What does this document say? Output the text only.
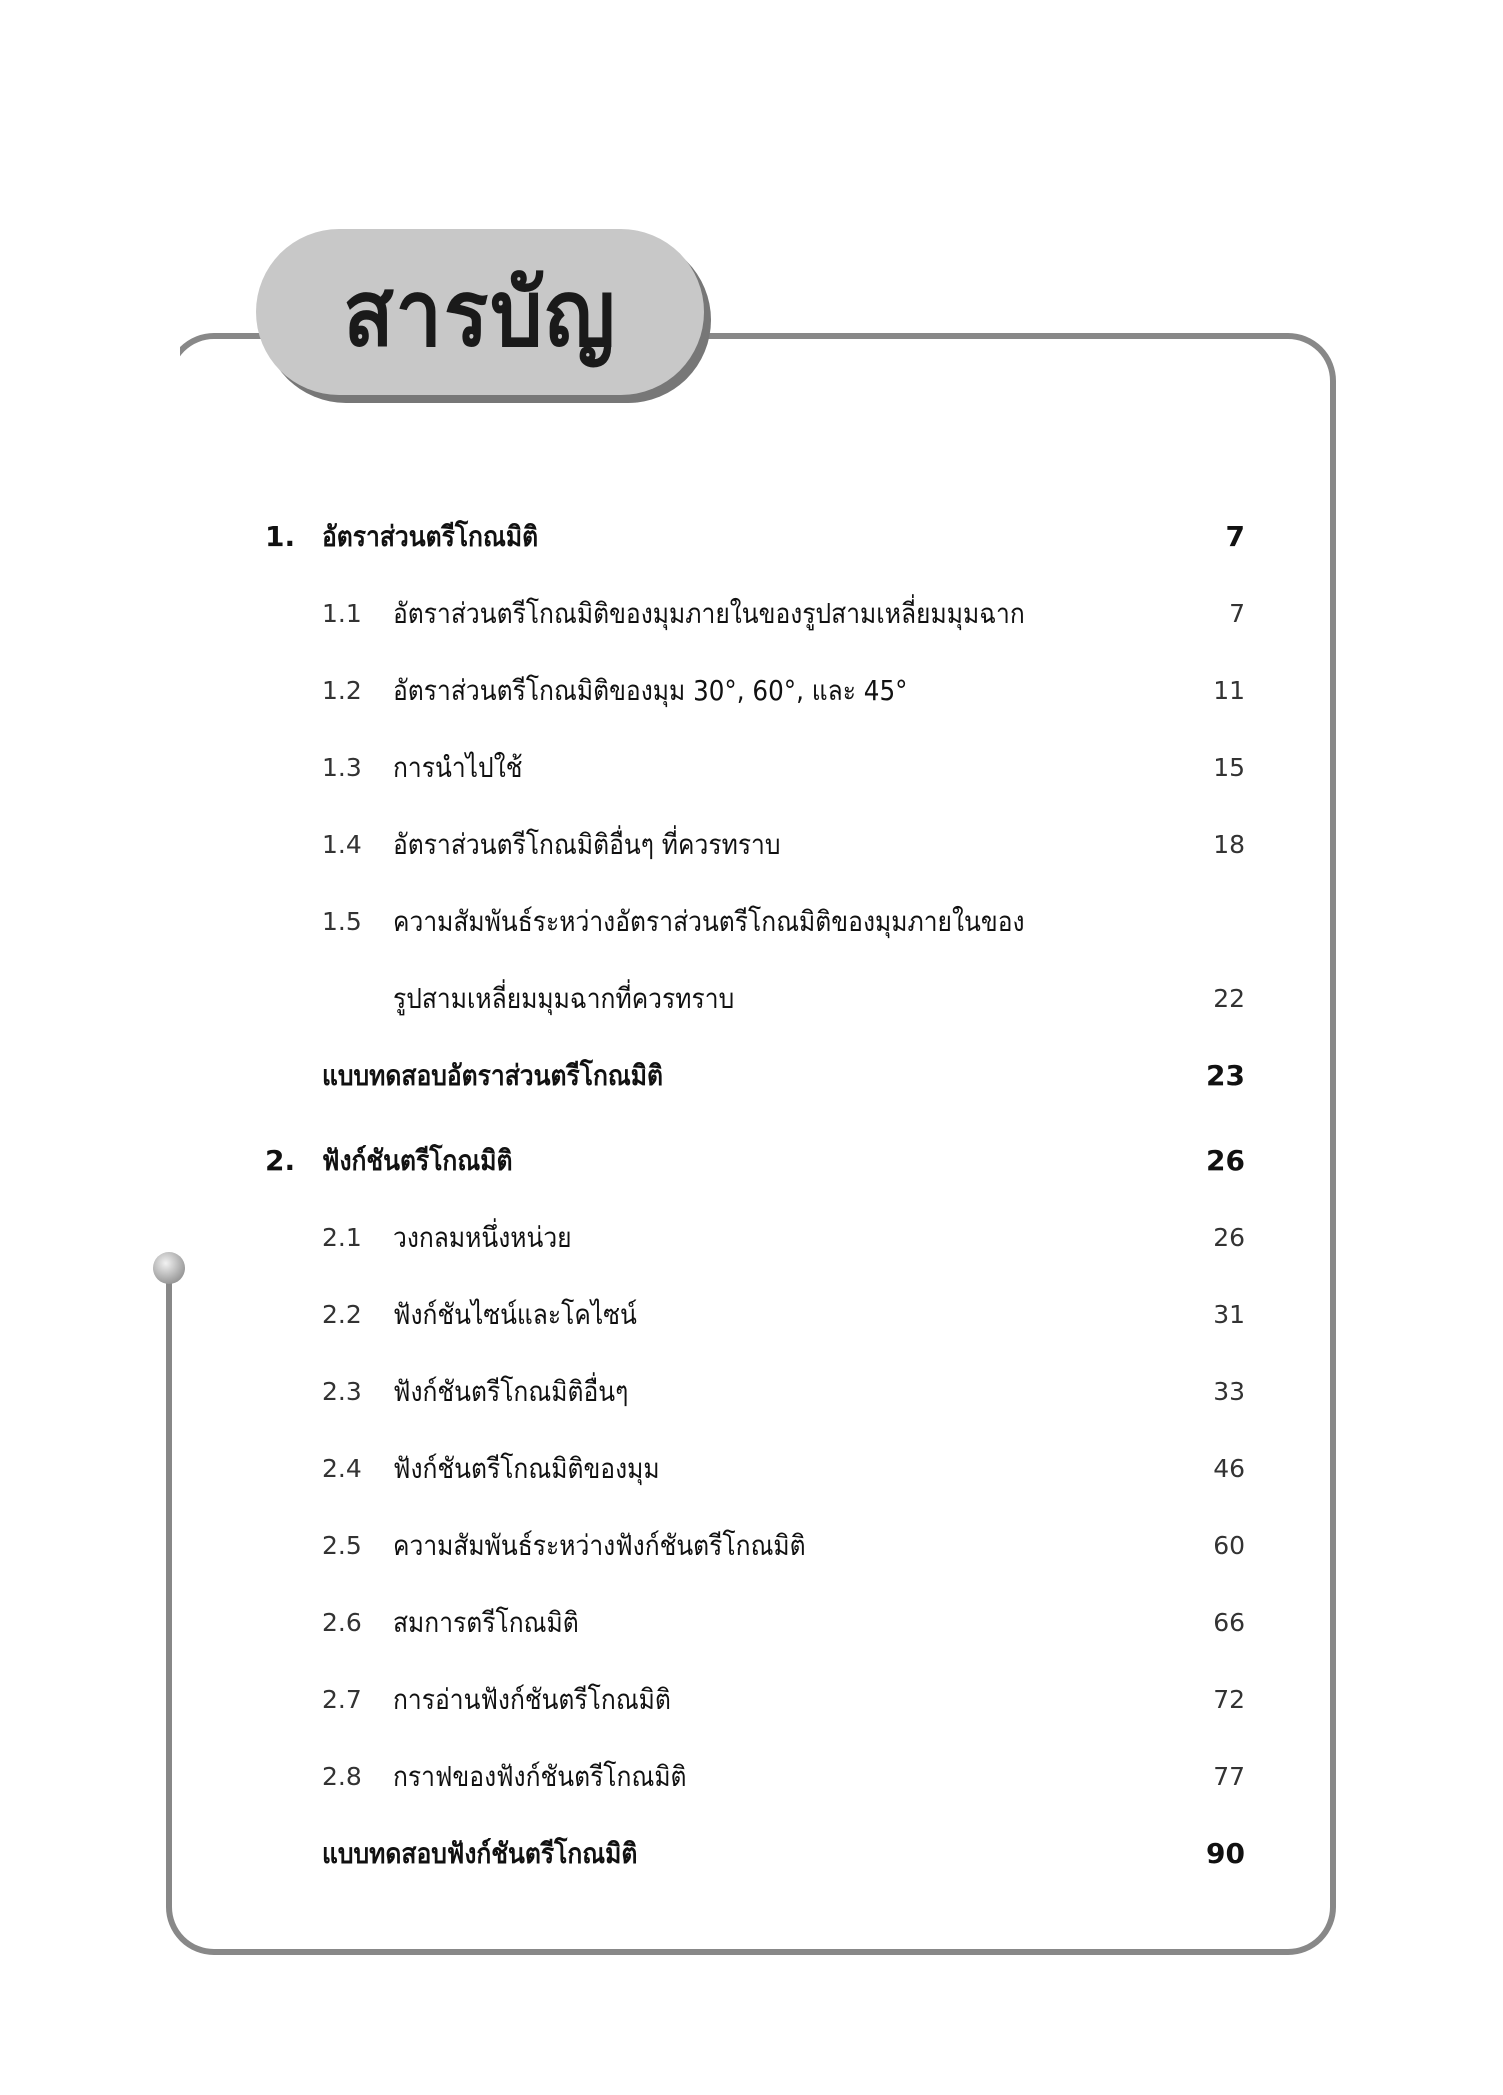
สารบัญ
1. อัตราส่วนตรีโกณมิติ	7
1.1 อัตราส่วนตรีโกณมิติของมุมภายในของรูปสามเหลี่ยมมุมฉาก	7
1.2 อัตราส่วนตรีโกณมิติของมุม 30°, 60°, และ 45°	11
1.3 การนำไปใช้	15
1.4 อัตราส่วนตรีโกณมิติอื่นๆ ที่ควรทราบ	18
1.5 ความสัมพันธ์ระหว่างอัตราส่วนตรีโกณมิติของมุมภายในของ
รูปสามเหลี่ยมมุมฉากที่ควรทราบ	22
แบบทดสอบอัตราส่วนตรีโกณมิติ	23
2. ฟังก์ชันตรีโกณมิติ	26
2.1 วงกลมหนึ่งหน่วย	26
2.2 ฟังก์ชันไซน์และโคไซน์	31
2.3 ฟังก์ชันตรีโกณมิติอื่นๆ	33
2.4 ฟังก์ชันตรีโกณมิติของมุม	46
2.5 ความสัมพันธ์ระหว่างฟังก์ชันตรีโกณมิติ	60
2.6 สมการตรีโกณมิติ	66
2.7 การอ่านฟังก์ชันตรีโกณมิติ	72
2.8 กราฟของฟังก์ชันตรีโกณมิติ	77
แบบทดสอบฟังก์ชันตรีโกณมิติ	90
